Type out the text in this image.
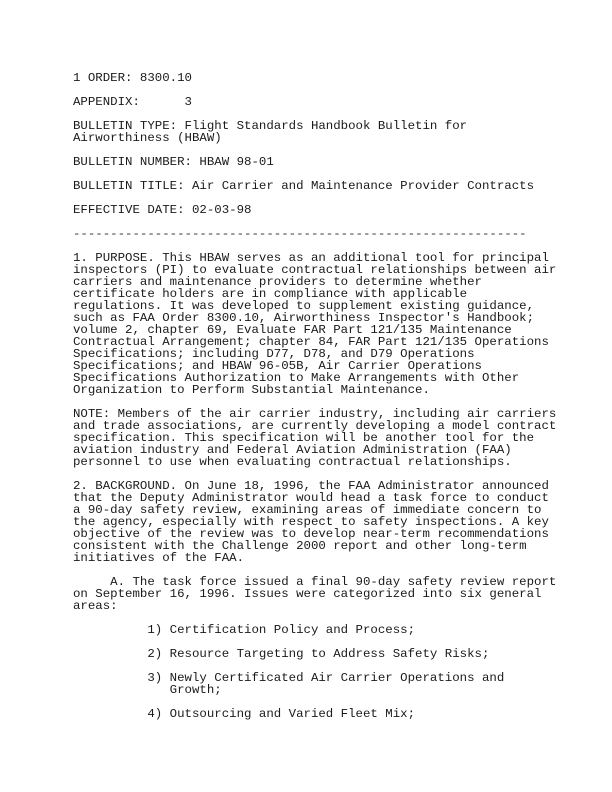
1 ORDER: 8300.10

APPENDIX:      3

BULLETIN TYPE: Flight Standards Handbook Bulletin for
Airworthiness (HBAW)

BULLETIN NUMBER: HBAW 98-01

BULLETIN TITLE: Air Carrier and Maintenance Provider Contracts

EFFECTIVE DATE: 02-03-98

-------------------------------------------------------------

1. PURPOSE. This HBAW serves as an additional tool for principal
inspectors (PI) to evaluate contractual relationships between air
carriers and maintenance providers to determine whether
certificate holders are in compliance with applicable
regulations. It was developed to supplement existing guidance,
such as FAA Order 8300.10, Airworthiness Inspector's Handbook;
volume 2, chapter 69, Evaluate FAR Part 121/135 Maintenance
Contractual Arrangement; chapter 84, FAR Part 121/135 Operations
Specifications; including D77, D78, and D79 Operations
Specifications; and HBAW 96-05B, Air Carrier Operations
Specifications Authorization to Make Arrangements with Other
Organization to Perform Substantial Maintenance.

NOTE: Members of the air carrier industry, including air carriers
and trade associations, are currently developing a model contract
specification. This specification will be another tool for the
aviation industry and Federal Aviation Administration (FAA)
personnel to use when evaluating contractual relationships.

2. BACKGROUND. On June 18, 1996, the FAA Administrator announced
that the Deputy Administrator would head a task force to conduct
a 90-day safety review, examining areas of immediate concern to
the agency, especially with respect to safety inspections. A key
objective of the review was to develop near-term recommendations
consistent with the Challenge 2000 report and other long-term
initiatives of the FAA.

A. The task force issued a final 90-day safety review report
on September 16, 1996. Issues were categorized into six general
areas:

1) Certification Policy and Process;

2) Resource Targeting to Address Safety Risks;

3) Newly Certificated Air Carrier Operations and
Growth;

4) Outsourcing and Varied Fleet Mix;
